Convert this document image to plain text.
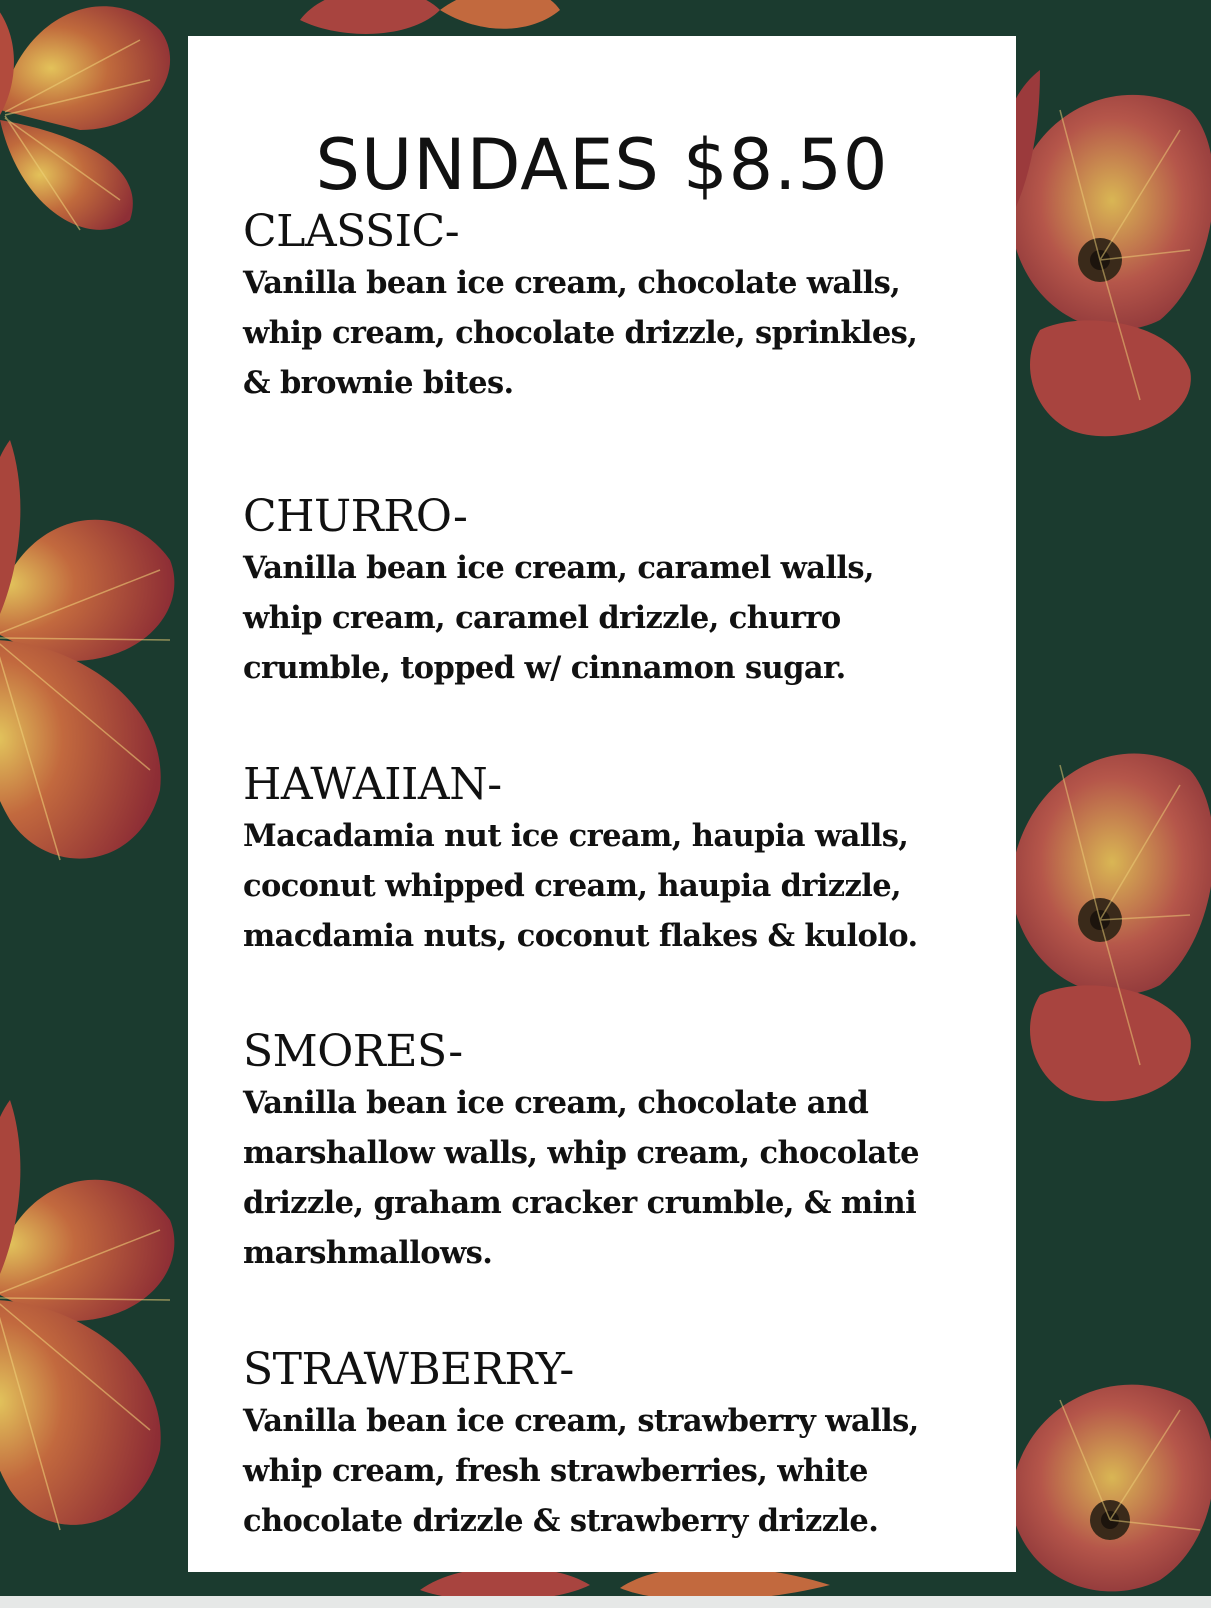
SUNDAES $8.50

CLASSIC-

Vanilla bean ice cream, chocolate walls,

whip cream, chocolate drizzle, sprinkles,

& brownie bites.

CHURRO-

Vanilla bean ice cream, caramel walls,

whip cream, caramel drizzle, churro

crumble, topped w/ cinnamon sugar.

HAWAIIAN-

Macadamia nut ice cream, haupia walls,

coconut whipped cream, haupia drizzle,

macdamia nuts, coconut flakes & kulolo.

SMORES-

Vanilla bean ice cream, chocolate and

marshallow walls, whip cream, chocolate

drizzle, graham cracker crumble, & mini

marshmallows.

STRAWBERRY-

Vanilla bean ice cream, strawberry walls,

whip cream, fresh strawberries, white

chocolate drizzle & strawberry drizzle.
